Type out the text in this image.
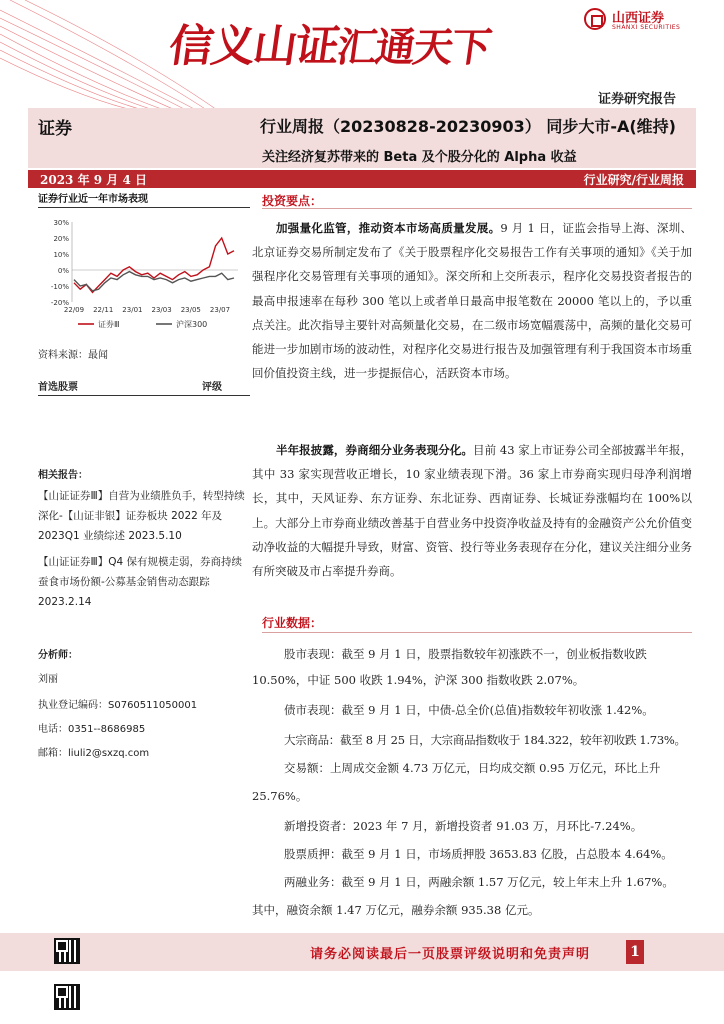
信义山证汇通天下
山西证券
SHANXI SECURITIES
证券研究报告
证券	行业周报（20230828-20230903） 同步大市-A(维持)
关注经济复苏带来的 Beta 及个股分化的 Alpha 收益
2023 年 9 月 4 日	行业研究/行业周报
证券行业近一年市场表现
30%
20%
10%
0%
-10%
-20%
22/09 22/11 23/01 23/03 23/05 23/07
证券Ⅲ	沪深300
资料来源：最闻
首选股票	评级
相关报告：
【山证证券Ⅲ】自营为业绩胜负手，转型持续深化-【山证非银】证券板块 2022 年及 2023Q1 业绩综述 2023.5.10
【山证证券Ⅲ】Q4 保有规模走弱，券商持续蚕食市场份额-公募基金销售动态跟踪 2023.2.14
分析师：
刘丽
执业登记编码：S0760511050001
电话：0351--8686985
邮箱：liuli2@sxzq.com
投资要点：
加强量化监管，推动资本市场高质量发展。9 月 1 日，证监会指导上海、深圳、北京证券交易所制定发布了《关于股票程序化交易报告工作有关事项的通知》《关于加强程序化交易管理有关事项的通知》。深交所和上交所表示，程序化交易投资者报告的最高申报速率在每秒 300 笔以上或者单日最高申报笔数在 20000 笔以上的，予以重点关注。此次指导主要针对高频量化交易，在二级市场宽幅震荡中，高频的量化交易可能进一步加剧市场的波动性，对程序化交易进行报告及加强管理有利于我国资本市场重回价值投资主线，进一步提振信心，活跃资本市场。
半年报披露，券商细分业务表现分化。目前 43 家上市证券公司全部披露半年报，其中 33 家实现营收正增长，10 家业绩表现下滑。36 家上市券商实现归母净利润增长，其中，天风证券、东方证券、东北证券、西南证券、长城证券涨幅均在 100%以上。大部分上市券商业绩改善基于自营业务中投资净收益及持有的金融资产公允价值变动净收益的大幅提升导致，财富、资管、投行等业务表现存在分化，建议关注细分业务有所突破及市占率提升券商。
行业数据：
股市表现：截至 9 月 1 日，股票指数较年初涨跌不一，创业板指数收跌
10.50%，中证 500 收跌 1.94%，沪深 300 指数收跌 2.07%。
债市表现：截至 9 月 1 日，中债-总全价(总值)指数较年初收涨 1.42%。
大宗商品：截至 8 月 25 日，大宗商品指数收于 184.322，较年初收跌 1.73%。
交易额：上周成交金额 4.73 万亿元，日均成交额 0.95 万亿元，环比上升
25.76%。
新增投资者：2023 年 7 月，新增投资者 91.03 万，月环比-7.24%。
股票质押：截至 9 月 1 日，市场质押股 3653.83 亿股，占总股本 4.64%。
两融业务：截至 9 月 1 日，两融余额 1.57 万亿元，较上年末上升 1.67%。
其中，融资余额 1.47 万亿元，融券余额 935.38 亿元。
请务必阅读最后一页股票评级说明和免责声明	1
